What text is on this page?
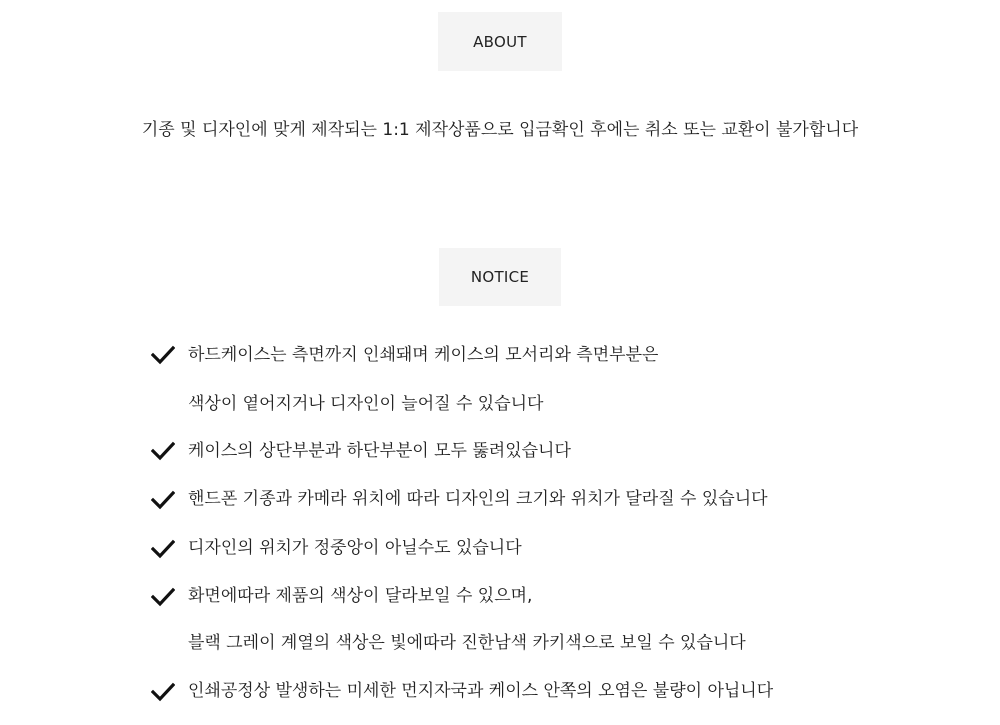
ABOUT
기종 및 디자인에 맞게 제작되는 1:1 제작상품으로 입금확인 후에는 취소 또는 교환이 불가합니다
NOTICE
하드케이스는 측면까지 인쇄돼며 케이스의 모서리와 측면부분은
색상이 옅어지거나 디자인이 늘어질 수 있습니다
케이스의 상단부분과 하단부분이 모두 뚫려있습니다
핸드폰 기종과 카메라 위치에 따라 디자인의 크기와 위치가 달라질 수 있습니다
디자인의 위치가 정중앙이 아닐수도 있습니다
화면에따라 제품의 색상이 달라보일 수 있으며,
블랙 그레이 계열의 색상은 빛에따라 진한남색 카키색으로 보일 수 있습니다
인쇄공정상 발생하는 미세한 먼지자국과 케이스 안쪽의 오염은 불량이 아닙니다
